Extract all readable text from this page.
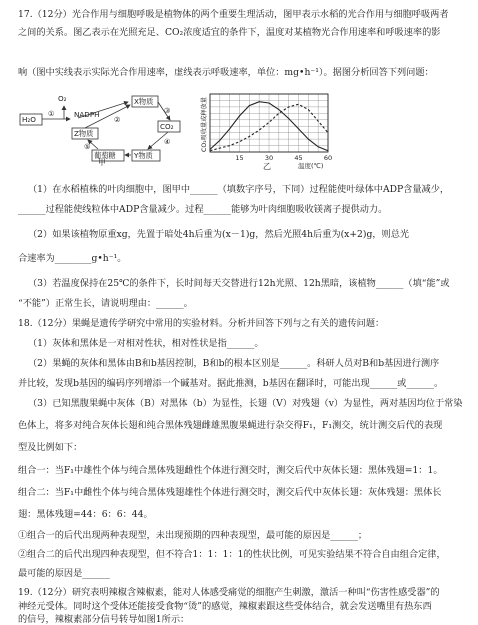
17.（12分）光合作用与细胞呼吸是植物体的两个重要生理活动，图甲表示水稻的光合作用与细胞呼吸两者
之间的关系。图乙表示在光照充足、CO₂浓度适宜的条件下，温度对某植物光合作用速率和呼吸速率的影
响（图中实线表示实际光合作用速率，虚线表示呼吸速率，单位：mg•h⁻¹）。据图分析回答下列问题：
H₂O
O₂
NADPH
X物质
Z物质
CO₂
葡萄糖	Y物质
①
②
③
④
⑤
甲
CO₂吸收量或释放量
15	30	45	60
温度(℃)
乙
（1）在水稻植株的叶肉细胞中，图甲中______（填数字序号，下同）过程能使叶绿体中ADP含量减少，
______过程能使线粒体中ADP含量减少。过程______能够为叶肉细胞吸收镁离子提供动力。
（2）如果该植物原重xg，先置于暗处4h后重为(x－1)g，然后光照4h后重为(x+2)g，则总光
合速率为________g•h⁻¹。
（3）若温度保持在25℃的条件下，长时间每天交替进行12h光照、12h黑暗，该植物______（填“能”或
“不能”）正常生长，请说明理由：______。
18.（12分）果蝇是遗传学研究中常用的实验材料。分析并回答下列与之有关的遗传问题：
（1）灰体和黑体是一对相对性状，相对性状是指______。
（2）果蝇的灰体和黑体由B和b基因控制，B和b的根本区别是______。科研人员对B和b基因进行测序
并比较，发现b基因的编码序列增添一个碱基对。据此推测，b基因在翻译时，可能出现______或______。
（3）已知黑腹果蝇中灰体（B）对黑体（b）为显性，长翅（V）对残翅（v）为显性，两对基因均位于常染
色体上，将多对纯合灰体长翅和纯合黑体残翅雌雄黑腹果蝇进行杂交得F₁，F₁测交，统计测交后代的表现
型及比例如下：
组合一：当F₁中雄性个体与纯合黑体残翅雌性个体进行测交时，测交后代中灰体长翅：黑体残翅=1：1。
组合二：当F₁中雌性个体与纯合黑体残翅雄性个体进行测交时，测交后代中灰体长翅：灰体残翅：黑体长
翅：黑体残翅=44：6：6：44。
①组合一的后代出现两种表现型，未出现预期的四种表现型，最可能的原因是______；
②组合二的后代出现四种表现型，但不符合1：1：1：1的性状比例，可见实验结果不符合自由组合定律，
最可能的原因是______
19.（12分）研究表明辣椒含辣椒素，能对人体感受痛觉的细胞产生刺激，激活一种叫“伤害性感受器”的
神经元受体。同时这个受体还能接受食物“烫”的感觉，辣椒素跟这些受体结合，就会发送嘴里有热东西
的信号，辣椒素部分信号转导如图1所示：
